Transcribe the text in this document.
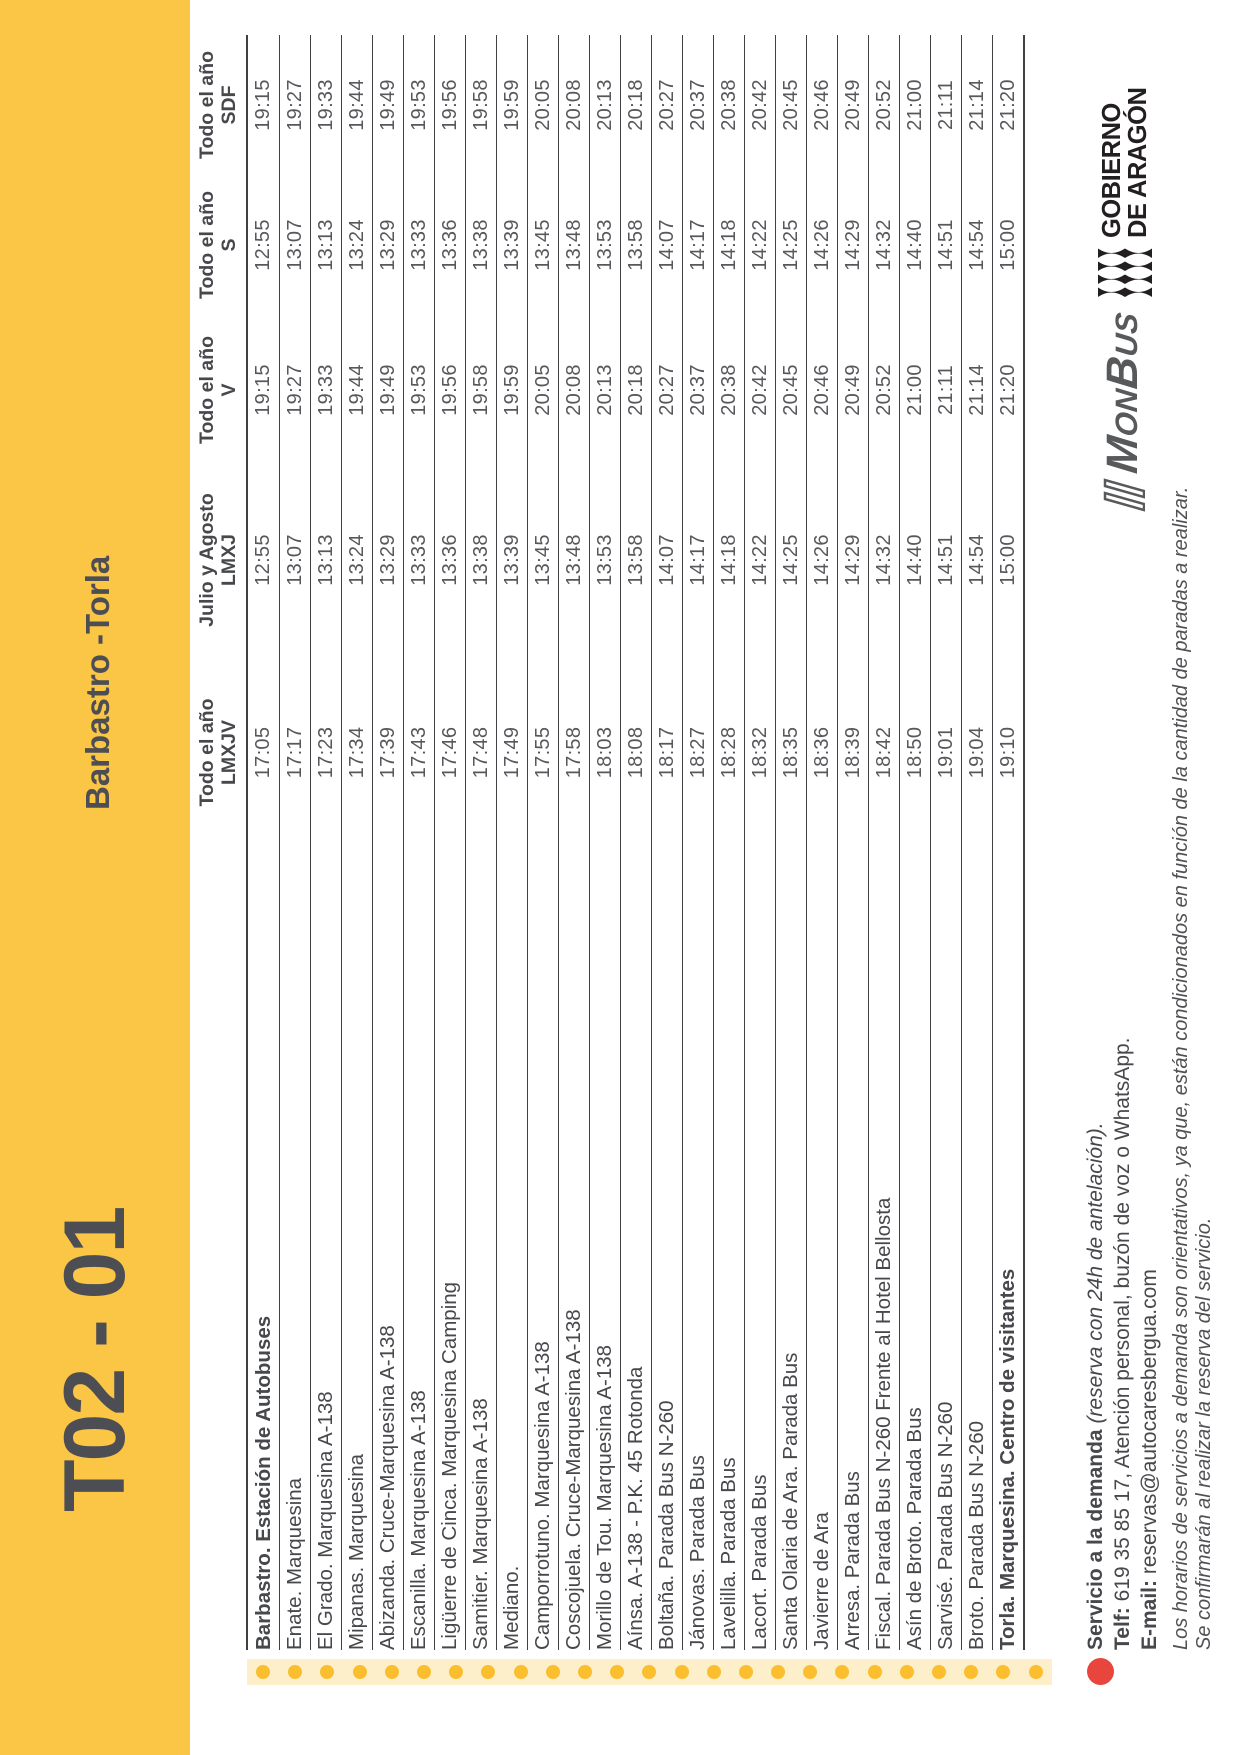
T02 - 01
Barbastro -Torla	Todo el año LMXJV
Julio y Agosto LMXJ
Todo el año V
Todo el año S
Todo el año SDF
Barbastro. Estación de Autobuses
17:05
12:55
19:15
12:55
19:15
Enate. Marquesina
17:17
13:07
19:27
13:07
19:27
El Grado. Marquesina A-138
17:23
13:13
19:33
13:13
19:33
Mipanas. Marquesina
17:34
13:24
19:44
13:24
19:44
Abizanda. Cruce-Marquesina A-138
17:39
13:29
19:49
13:29
19:49
Escanilla. Marquesina A-138
17:43
13:33
19:53
13:33
19:53
Ligüerre de Cinca. Marquesina Camping
17:46
13:36
19:56
13:36
19:56
Samitier. Marquesina A-138
17:48
13:38
19:58
13:38
19:58
Mediano.
17:49
13:39
19:59
13:39
19:59
Camporrotuno. Marquesina A-138
17:55
13:45
20:05
13:45
20:05
Coscojuela. Cruce-Marquesina A-138
17:58
13:48
20:08
13:48
20:08
Morillo de Tou. Marquesina A-138
18:03
13:53
20:13
13:53
20:13
Aínsa. A-138 - P.K. 45 Rotonda
18:08
13:58
20:18
13:58
20:18
Boltaña. Parada Bus N-260
18:17
14:07
20:27
14:07
20:27
Jánovas. Parada Bus
18:27
14:17
20:37
14:17
20:37
Lavelilla. Parada Bus
18:28
14:18
20:38
14:18
20:38
Lacort. Parada Bus
18:32
14:22
20:42
14:22
20:42
Santa Olaria de Ara. Parada Bus
18:35
14:25
20:45
14:25
20:45
Javierre de Ara
18:36
14:26
20:46
14:26
20:46
Arresa. Parada Bus
18:39
14:29
20:49
14:29
20:49
Fiscal. Parada Bus N-260 Frente al Hotel Bellosta
18:42
14:32
20:52
14:32
20:52
Asín de Broto. Parada Bus
18:50
14:40
21:00
14:40
21:00
Sarvisé. Parada Bus N-260
19:01
14:51
21:11
14:51
21:11
Broto. Parada Bus N-260
19:04
14:54
21:14
14:54
21:14
Torla. Marquesina. Centro de visitantes
19:10
15:00
21:20
15:00
21:20
Servicio a la demanda (reserva con 24h de antelación).
Telf: 619 35 85 17, Atención personal, buzón de voz o WhatsApp.
E-mail: reservas@autocaresbergua.com Los horarios de servicios a demanda son orientativos, ya que, están condicionados en función de la cantidad de paradas a realizar. Se confirmarán al realizar la reserva del servicio.
MONBUS
GOBIERNO
DE ARAGÓN
